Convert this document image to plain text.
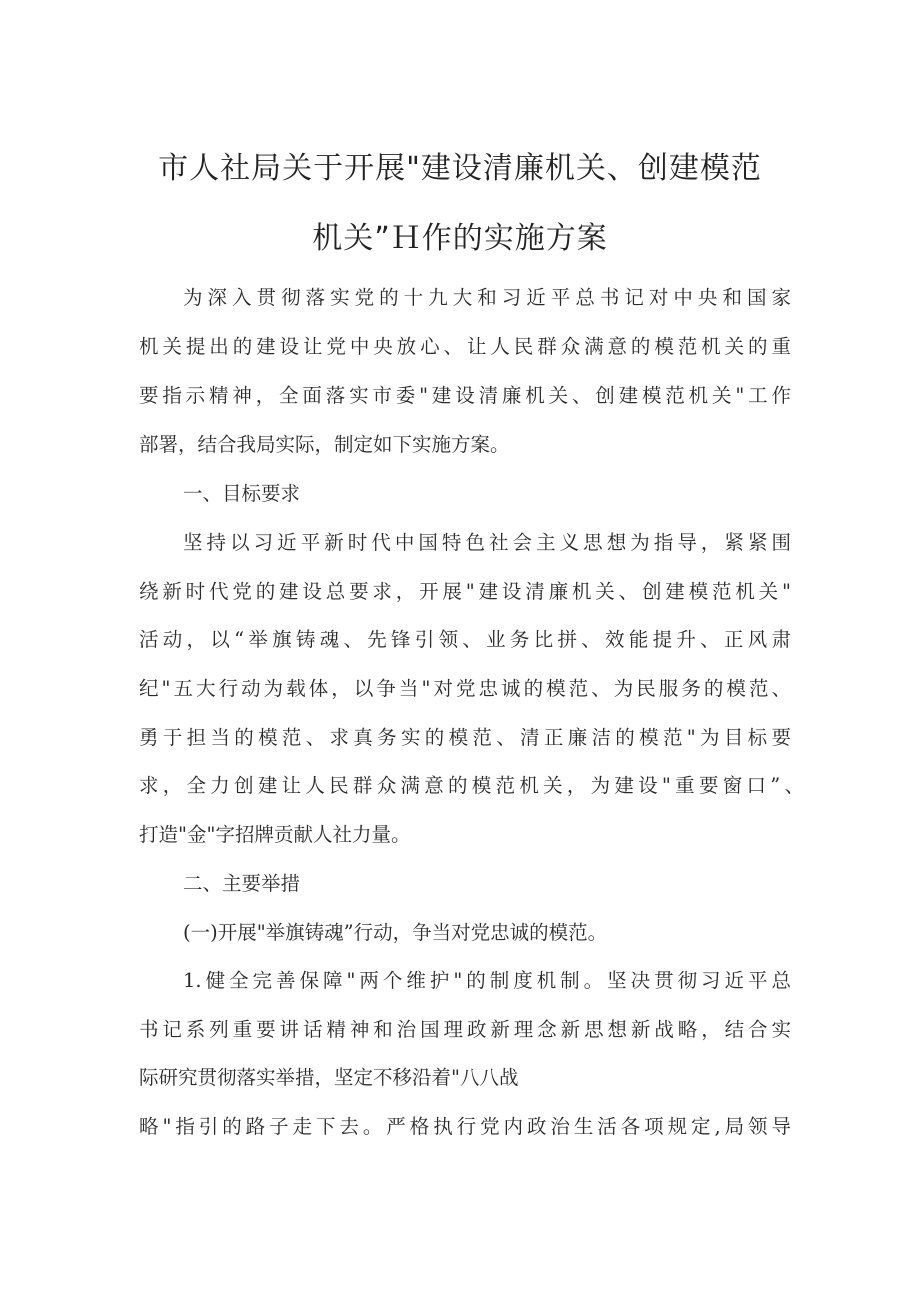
市人社局关于开展"建设清廉机关、创建模范
机关”Ｈ作的实施方案
为深入贯彻落实党的十九大和习近平总书记对中央和国家
机关提出的建设让党中央放心、让人民群众满意的模范机关的重
要指示精神，全面落实市委"建设清廉机关、创建模范机关"工作
部署，结合我局实际，制定如下实施方案。
一、目标要求
坚持以习近平新时代中国特色社会主义思想为指导，紧紧围
绕新时代党的建设总要求，开展"建设清廉机关、创建模范机关"
活动，以“举旗铸魂、先锋引领、业务比拼、效能提升、正风肃
纪"五大行动为载体，以争当"对党忠诚的模范、为民服务的模范、
勇于担当的模范、求真务实的模范、清正廉洁的模范"为目标要
求，全力创建让人民群众满意的模范机关，为建设"重要窗口”、
打造"金"字招牌贡献人社力量。
二、主要举措
(一)开展"举旗铸魂”行动，争当对党忠诚的模范。
1.健全完善保障"两个维护"的制度机制。坚决贯彻习近平总
书记系列重要讲话精神和治国理政新理念新思想新战略，结合实
际研究贯彻落实举措，坚定不移沿着"八八战
略"指引的路子走下去。严格执行党内政治生活各项规定,局领导
